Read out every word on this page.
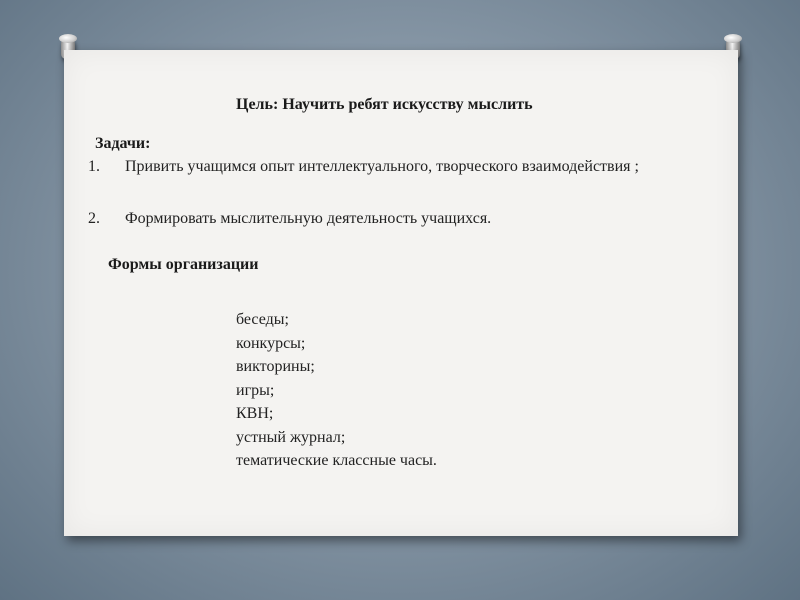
Цель: Научить ребят искусству мыслить
Задачи:
1. Привить учащимся опыт интеллектуального, творческого взаимодействия ;
2. Формировать мыслительную деятельность учащихся.
Формы организации
беседы;
конкурсы;
викторины;
игры;
КВН;
устный журнал;
тематические классные часы.
